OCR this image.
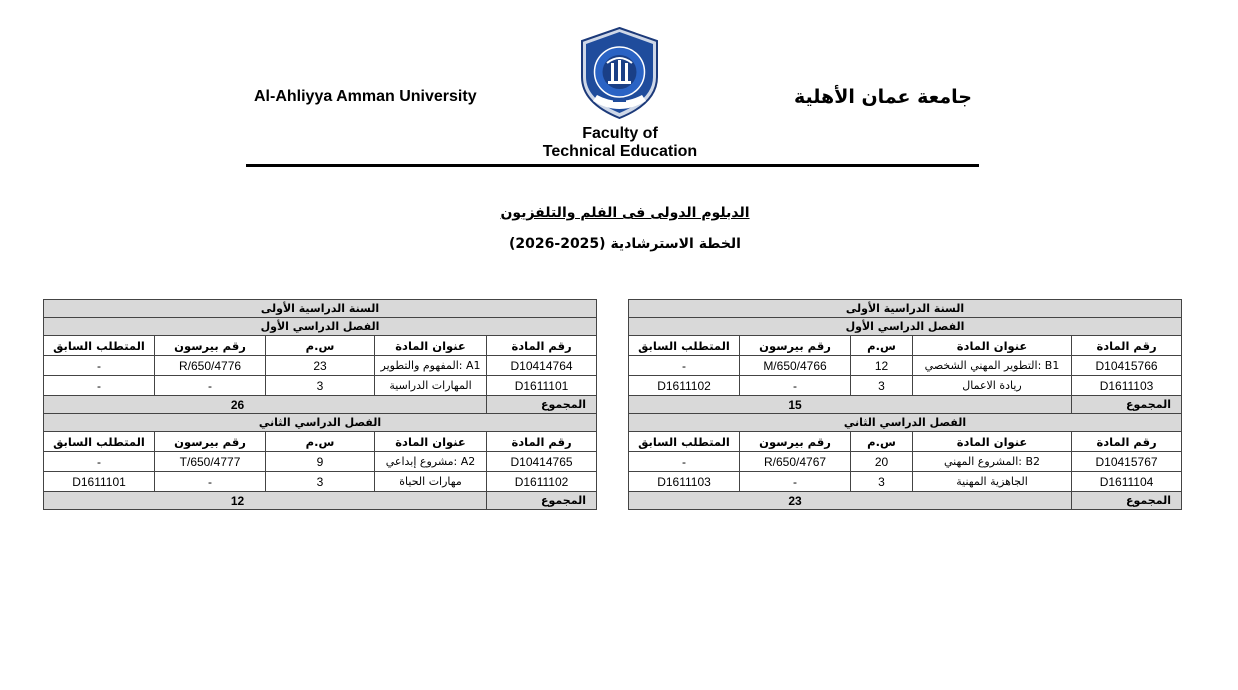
Al-Ahliyya Amman University	جامعة عمان الأهلية
Faculty of
Technical Education
الدبلوم الدولى فى الفلم والتلفزيون
الخطة الاسترشادية (2025-2026)
السنة الدراسية الأولى				
الفصل الدراسي الأول				
رقم المادة	عنوان المادة	س.م	رقم بيرسون	المتطلب السابق
D10415766	B1 :التطوير المهني الشخصي	12	M/650/4766	-
D1611103	ريادة الاعمال	3	-	D1611102
المجموع	15			
الفصل الدراسي الثاني				
رقم المادة	عنوان المادة	س.م	رقم بيرسون	المتطلب السابق
D10415767	B2 :المشروع المهني	20	R/650/4767	-
D1611104	الجاهزية المهنية	3	-	D1611103
المجموع	23			
السنة الدراسية الأولى				
الفصل الدراسي الأول				
رقم المادة	عنوان المادة	س.م	رقم بيرسون	المتطلب السابق
D10414764	A1 :المفهوم والتطوير	23	R/650/4776	-
D1611101	المهارات الدراسية	3	-	-
المجموع	26			
الفصل الدراسي الثاني				
رقم المادة	عنوان المادة	س.م	رقم بيرسون	المتطلب السابق
D10414765	A2 :مشروع إبداعي	9	T/650/4777	-
D1611102	مهارات الحياة	3	-	D1611101
المجموع	12			
